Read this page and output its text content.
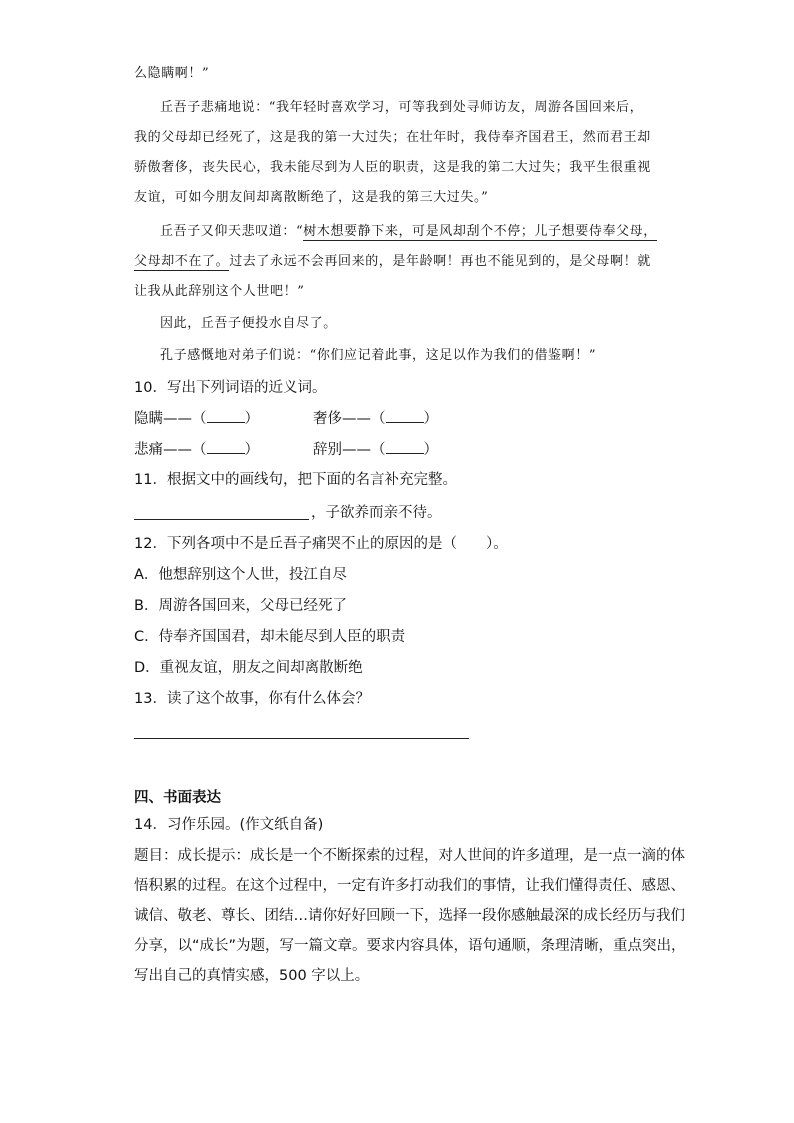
么隐瞒啊！”
丘吾子悲痛地说：“我年轻时喜欢学习，可等我到处寻师访友，周游各国回来后，
我的父母却已经死了，这是我的第一大过失；在壮年时，我侍奉齐国君王，然而君王却
骄傲奢侈，丧失民心，我未能尽到为人臣的职责，这是我的第二大过失；我平生很重视
友谊，可如今朋友间却离散断绝了，这是我的第三大过失。”
丘吾子又仰天悲叹道：“树木想要静下来，可是风却刮个不停；儿子想要侍奉父母，
父母却不在了。过去了永远不会再回来的，是年龄啊！再也不能见到的，是父母啊！就
让我从此辞别这个人世吧！”
因此，丘吾子便投水自尽了。
孔子感慨地对弟子们说：“你们应记着此事，这足以作为我们的借鉴啊！”
10．写出下列词语的近义词。
隐瞒——（	）	奢侈——（	）
悲痛——（	）	辞别——（	）
11．根据文中的画线句，把下面的名言补充完整。
，子欲养而亲不待。
12．下列各项中不是丘吾子痛哭不止的原因的是（　　）。
A．他想辞别这个人世，投江自尽
B．周游各国回来，父母已经死了
C．侍奉齐国国君，却未能尽到人臣的职责
D．重视友谊，朋友之间却离散断绝
13．读了这个故事，你有什么体会？
四、书面表达
14．习作乐园。(作文纸自备)
题目：成长提示：成长是一个不断探索的过程，对人世间的许多道理，是一点一滴的体
悟积累的过程。在这个过程中，一定有许多打动我们的事情，让我们懂得责任、感恩、
诚信、敬老、尊长、团结…请你好好回顾一下，选择一段你感触最深的成长经历与我们
分享，以“成长”为题，写一篇文章。要求内容具体，语句通顺，条理清晰，重点突出，
写出自己的真情实感，500 字以上。
